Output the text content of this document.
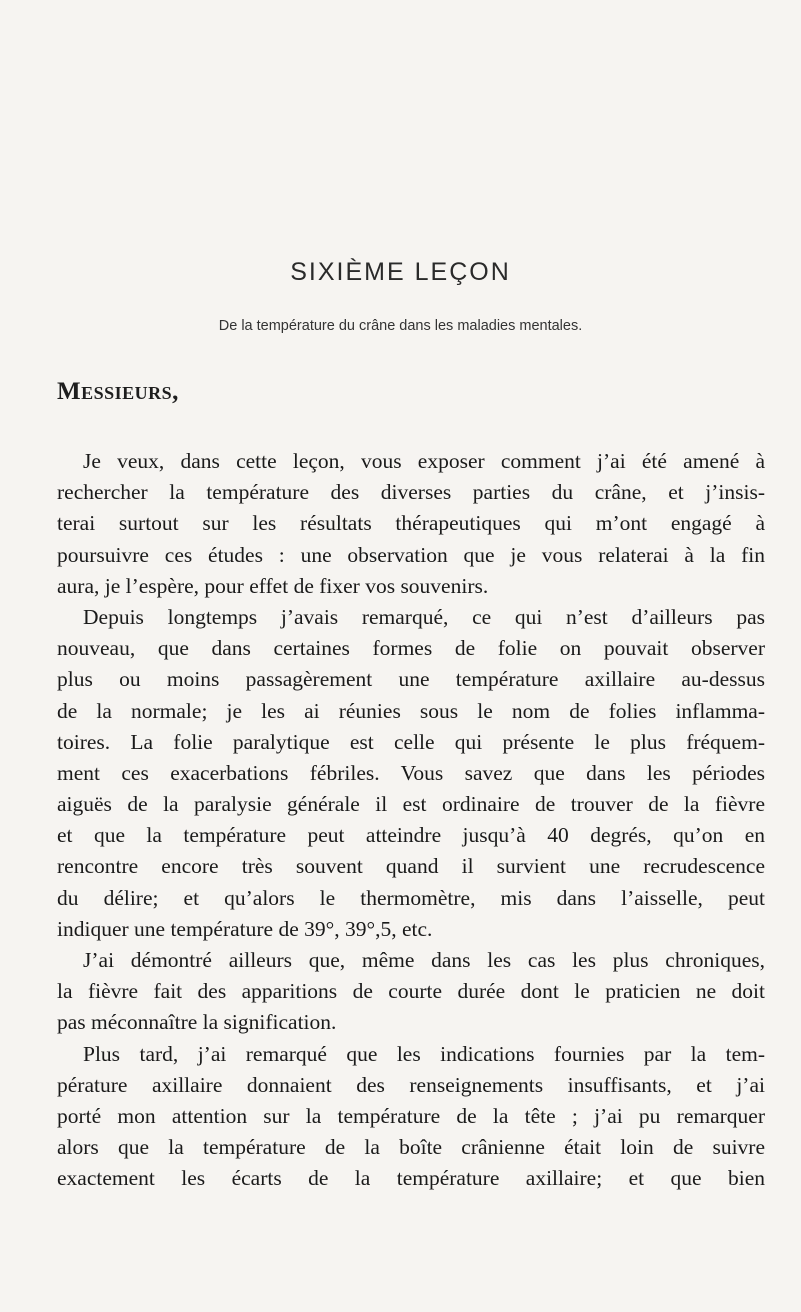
SIXIÈME LEÇON
De la température du crâne dans les maladies mentales.
Messieurs,
Je veux, dans cette leçon, vous exposer comment j’ai été amené à
rechercher la température des diverses parties du crâne, et j’insis-
terai surtout sur les résultats thérapeutiques qui m’ont engagé à
poursuivre ces études : une observation que je vous relaterai à la fin
aura, je l’espère, pour effet de fixer vos souvenirs.
Depuis longtemps j’avais remarqué, ce qui n’est d’ailleurs pas
nouveau, que dans certaines formes de folie on pouvait observer
plus ou moins passagèrement une température axillaire au-dessus
de la normale; je les ai réunies sous le nom de folies inflamma-
toires. La folie paralytique est celle qui présente le plus fréquem-
ment ces exacerbations fébriles. Vous savez que dans les périodes
aiguës de la paralysie générale il est ordinaire de trouver de la fièvre
et que la température peut atteindre jusqu’à 40 degrés, qu’on en
rencontre encore très souvent quand il survient une recrudescence
du délire; et qu’alors le thermomètre, mis dans l’aisselle, peut
indiquer une température de 39°, 39°,5, etc.
J’ai démontré ailleurs que, même dans les cas les plus chroniques,
la fièvre fait des apparitions de courte durée dont le praticien ne doit
pas méconnaître la signification.
Plus tard, j’ai remarqué que les indications fournies par la tem-
pérature axillaire donnaient des renseignements insuffisants, et j’ai
porté mon attention sur la température de la tête ; j’ai pu remarquer
alors que la température de la boîte crânienne était loin de suivre
exactement les écarts de la température axillaire; et que bien
